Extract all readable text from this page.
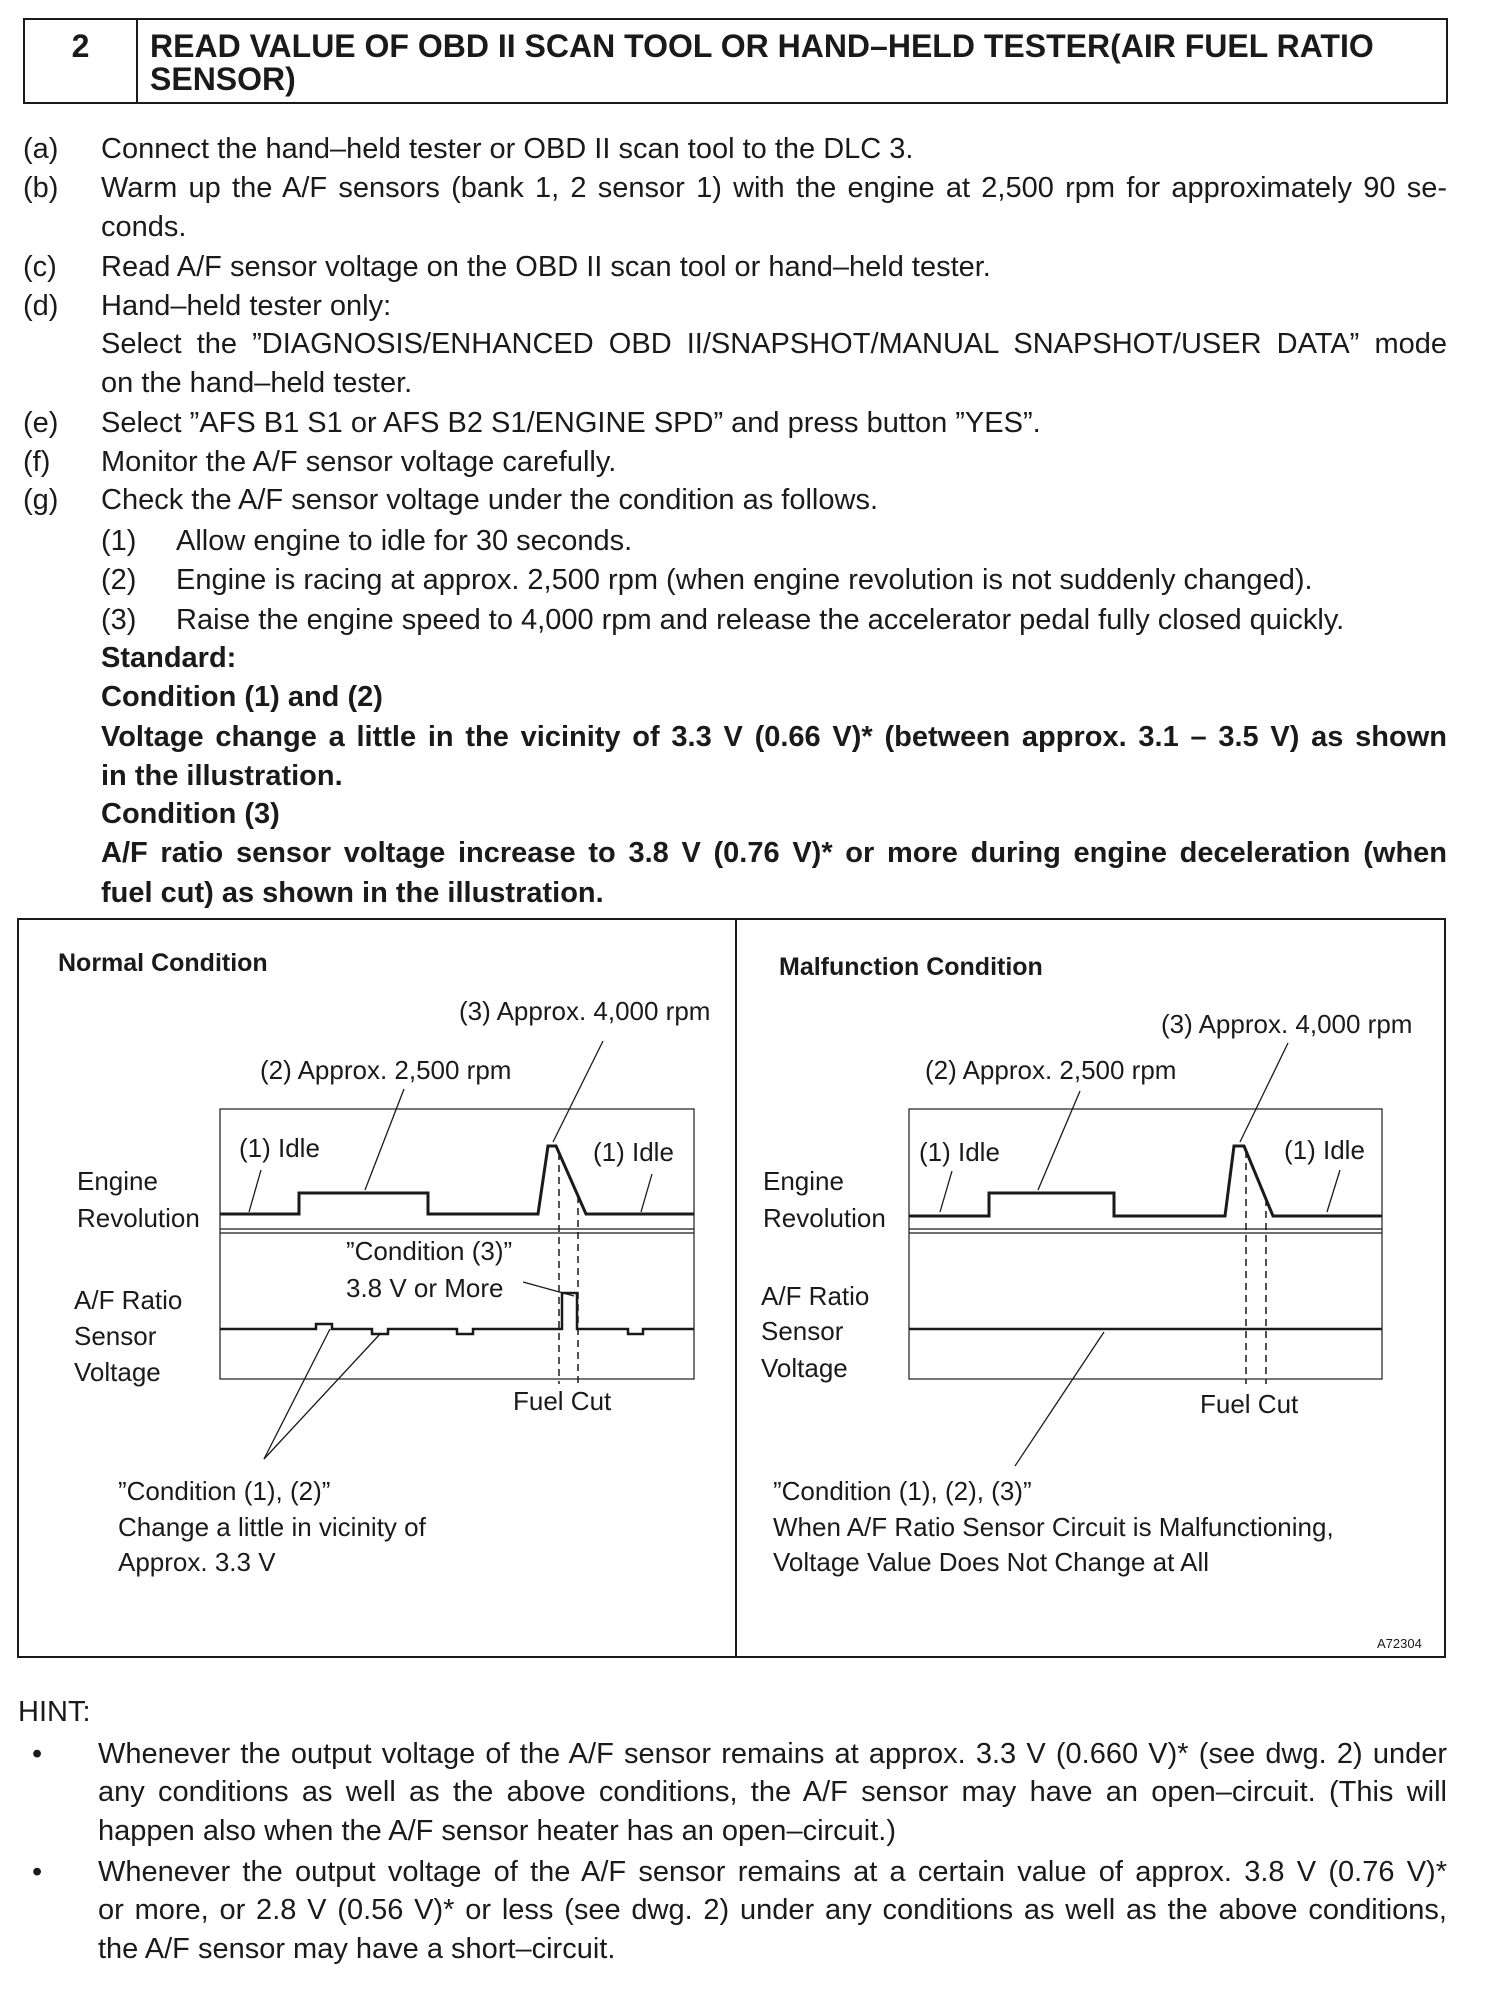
2	READ VALUE OF OBD II SCAN TOOL OR HAND–HELD TESTER(AIR FUEL RATIO
SENSOR)
(a) Connect the hand–held tester or OBD II scan tool to the DLC 3.
(b) Warm up the A/F sensors (bank 1, 2 sensor 1) with the engine at 2,500 rpm for approximately 90 se-
conds.
(c) Read A/F sensor voltage on the OBD II scan tool or hand–held tester.
(d) Hand–held tester only:
Select the ”DIAGNOSIS/ENHANCED OBD II/SNAPSHOT/MANUAL SNAPSHOT/USER DATA” mode
on the hand–held tester.
(e) Select ”AFS B1 S1 or AFS B2 S1/ENGINE SPD” and press button ”YES”.
(f) Monitor the A/F sensor voltage carefully.
(g) Check the A/F sensor voltage under the condition as follows.
(1) Allow engine to idle for 30 seconds.
(2) Engine is racing at approx. 2,500 rpm (when engine revolution is not suddenly changed).
(3) Raise the engine speed to 4,000 rpm and release the accelerator pedal fully closed quickly.
Standard:
Condition (1) and (2)
Voltage change a little in the vicinity of 3.3 V (0.66 V)* (between approx. 3.1 – 3.5 V) as shown
in the illustration.
Condition (3)
A/F ratio sensor voltage increase to 3.8 V (0.76 V)* or more during engine deceleration (when
fuel cut) as shown in the illustration.
Normal Condition
(3) Approx. 4,000 rpm
(2) Approx. 2,500 rpm
(1) Idle	(1) Idle
Engine
Revolution
A/F Ratio
Sensor
Voltage
”Condition (3)”
3.8 V or More
Fuel Cut
”Condition (1), (2)”
Change a little in vicinity of
Approx. 3.3 V
Malfunction Condition
(3) Approx. 4,000 rpm
(2) Approx. 2,500 rpm
(1) Idle	(1) Idle
Engine
Revolution
A/F Ratio
Sensor
Voltage
Fuel Cut
”Condition (1), (2), (3)”
When A/F Ratio Sensor Circuit is Malfunctioning,
Voltage Value Does Not Change at All
A72304
HINT:
• Whenever the output voltage of the A/F sensor remains at approx. 3.3 V (0.660 V)* (see dwg. 2) under
any conditions as well as the above conditions, the A/F sensor may have an open–circuit. (This will
happen also when the A/F sensor heater has an open–circuit.)
• Whenever the output voltage of the A/F sensor remains at a certain value of approx. 3.8 V (0.76 V)*
or more, or 2.8 V (0.56 V)* or less (see dwg. 2) under any conditions as well as the above conditions,
the A/F sensor may have a short–circuit.
